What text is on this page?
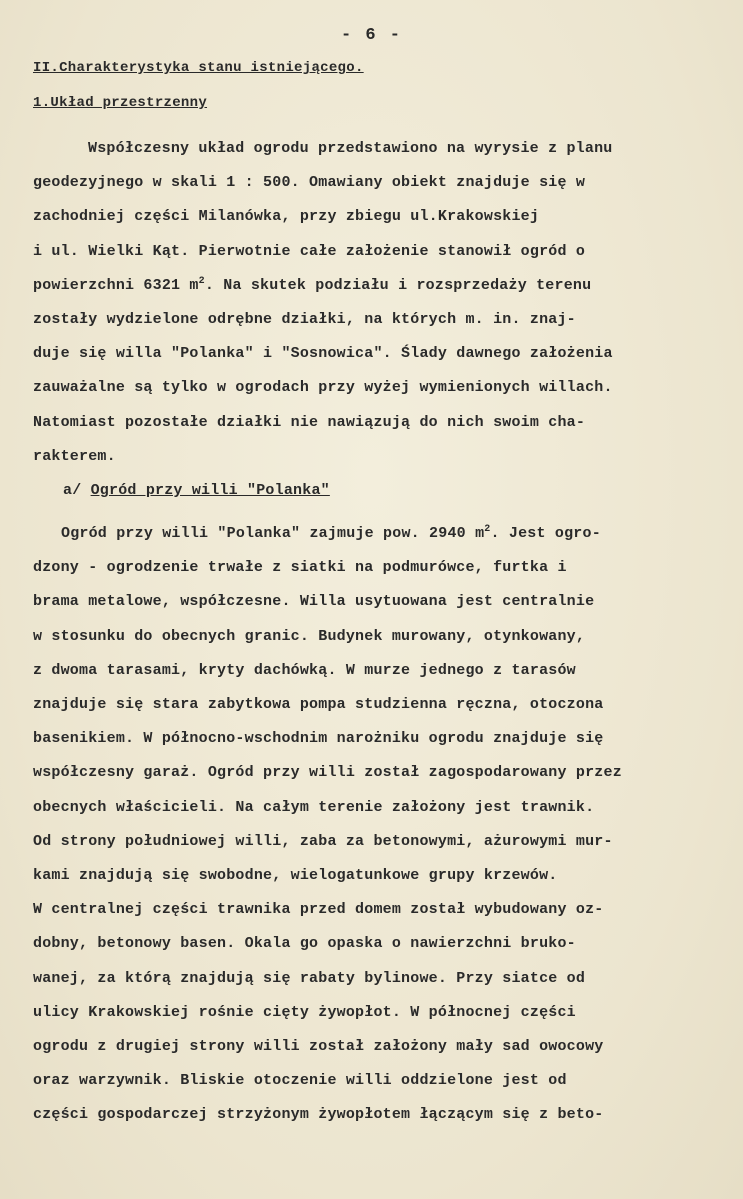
- 6 -
II.Charakterystyka stanu istniejącego.
1.Układ przestrzenny
Współczesny układ ogrodu przedstawiono na wyrysie z planu
geodezyjnego w skali 1 : 500. Omawiany obiekt znajduje się w
zachodniej części Milanówka, przy zbiegu ul.Krakowskiej
i ul. Wielki Kąt. Pierwotnie całe założenie stanowił ogród o
powierzchni 6321 $m^2$. Na skutek podziału i rozsprzedaży terenu
zostały wydzielone odrębne działki, na których m. in. znaj-
duje się willa "Polanka" i "Sosnowica". Ślady dawnego założenia
zauważalne są tylko w ogrodach przy wyżej wymienionych willach.
Natomiast pozostałe działki nie nawiązują do nich swoim cha-
rakterem.
a/ Ogród przy willi "Polanka"
Ogród przy willi "Polanka" zajmuje pow. 2940 $m^2$. Jest ogro-
dzony - ogrodzenie trwałe z siatki na podmurówce, furtka i
brama metalowe, współczesne. Willa usytuowana jest centralnie
w stosunku do obecnych granic. Budynek murowany, otynkowany,
z dwoma tarasami, kryty dachówką. W murze jednego z tarasów
znajduje się stara zabytkowa pompa studzienna ręczna, otoczona
basenikiem. W północno-wschodnim narożniku ogrodu znajduje się
współczesny garaż. Ogród przy willi został zagospodarowany przez
obecnych właścicieli. Na całym terenie założony jest trawnik.
Od strony południowej willi, zaba za betonowymi, ażurowymi mur-
kami znajdują się swobodne, wielogatunkowe grupy krzewów.
W centralnej części trawnika przed domem został wybudowany oz-
dobny, betonowy basen. Okala go opaska o nawierzchni bruko-
wanej, za którą znajdują się rabaty bylinowe. Przy siatce od
ulicy Krakowskiej rośnie cięty żywopłot. W północnej części
ogrodu z drugiej strony willi został założony mały sad owocowy
oraz warzywnik. Bliskie otoczenie willi oddzielone jest od
części gospodarczej strzyżonym żywopłotem łączącym się z beto-
